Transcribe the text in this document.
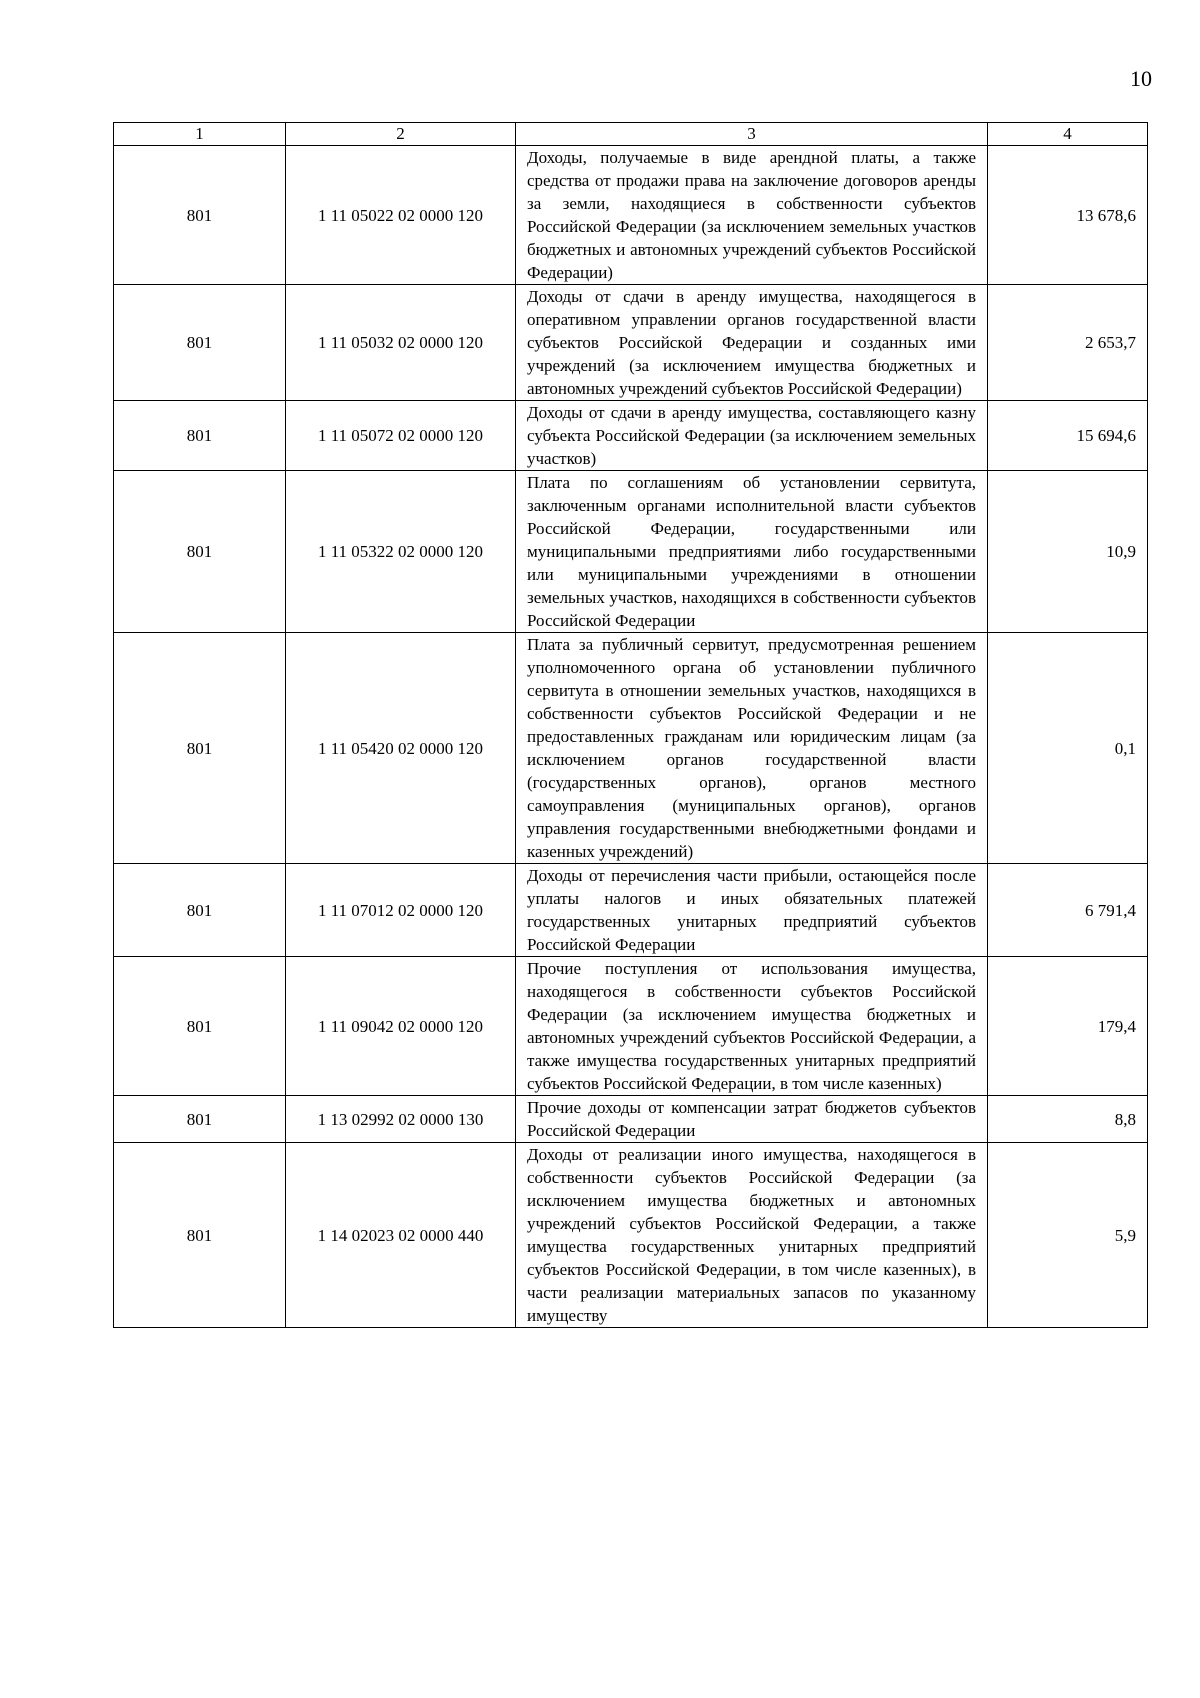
10
1	2	3	4
801	1 11 05022 02 0000 120	Доходы, получаемые в виде арендной платы, а также средства от продажи права на заключение договоров аренды за земли, находящиеся в собственности субъектов Российской Федерации (за исключением земельных участков бюджетных и автономных учреждений субъектов Российской Федерации)	13 678,6
801	1 11 05032 02 0000 120	Доходы от сдачи в аренду имущества, находящегося в оперативном управлении органов государственной власти субъектов Российской Федерации и созданных ими учреждений (за исключением имущества бюджетных и автономных учреждений субъектов Российской Федерации)	2 653,7
801	1 11 05072 02 0000 120	Доходы от сдачи в аренду имущества, составляющего казну субъекта Российской Федерации (за исключением земельных участков)	15 694,6
801	1 11 05322 02 0000 120	Плата по соглашениям об установлении сервитута, заключенным органами исполнительной власти субъектов Российской Федерации, государственными или муниципальными предприятиями либо государственными или муниципальными учреждениями в отношении земельных участков, находящихся в собственности субъектов Российской Федерации	10,9
801	1 11 05420 02 0000 120	Плата за публичный сервитут, предусмотренная решением уполномоченного органа об установлении публичного сервитута в отношении земельных участков, находящихся в собственности субъектов Российской Федерации и не предоставленных гражданам или юридическим лицам (за исключением органов государственной власти (государственных органов), органов местного самоуправления (муниципальных органов), органов управления государственными внебюджетными фондами и казенных учреждений)	0,1
801	1 11 07012 02 0000 120	Доходы от перечисления части прибыли, остающейся после уплаты налогов и иных обязательных платежей государственных унитарных предприятий субъектов Российской Федерации	6 791,4
801	1 11 09042 02 0000 120	Прочие поступления от использования имущества, находящегося в собственности субъектов Российской Федерации (за исключением имущества бюджетных и автономных учреждений субъектов Российской Федерации, а также имущества государственных унитарных предприятий субъектов Российской Федерации, в том числе казенных)	179,4
801	1 13 02992 02 0000 130	Прочие доходы от компенсации затрат бюджетов субъектов Российской Федерации	8,8
801	1 14 02023 02 0000 440	Доходы от реализации иного имущества, находящегося в собственности субъектов Российской Федерации (за исключением имущества бюджетных и автономных учреждений субъектов Российской Федерации, а также имущества государственных унитарных предприятий субъектов Российской Федерации, в том числе казенных), в части реализации материальных запасов по указанному имуществу	5,9
